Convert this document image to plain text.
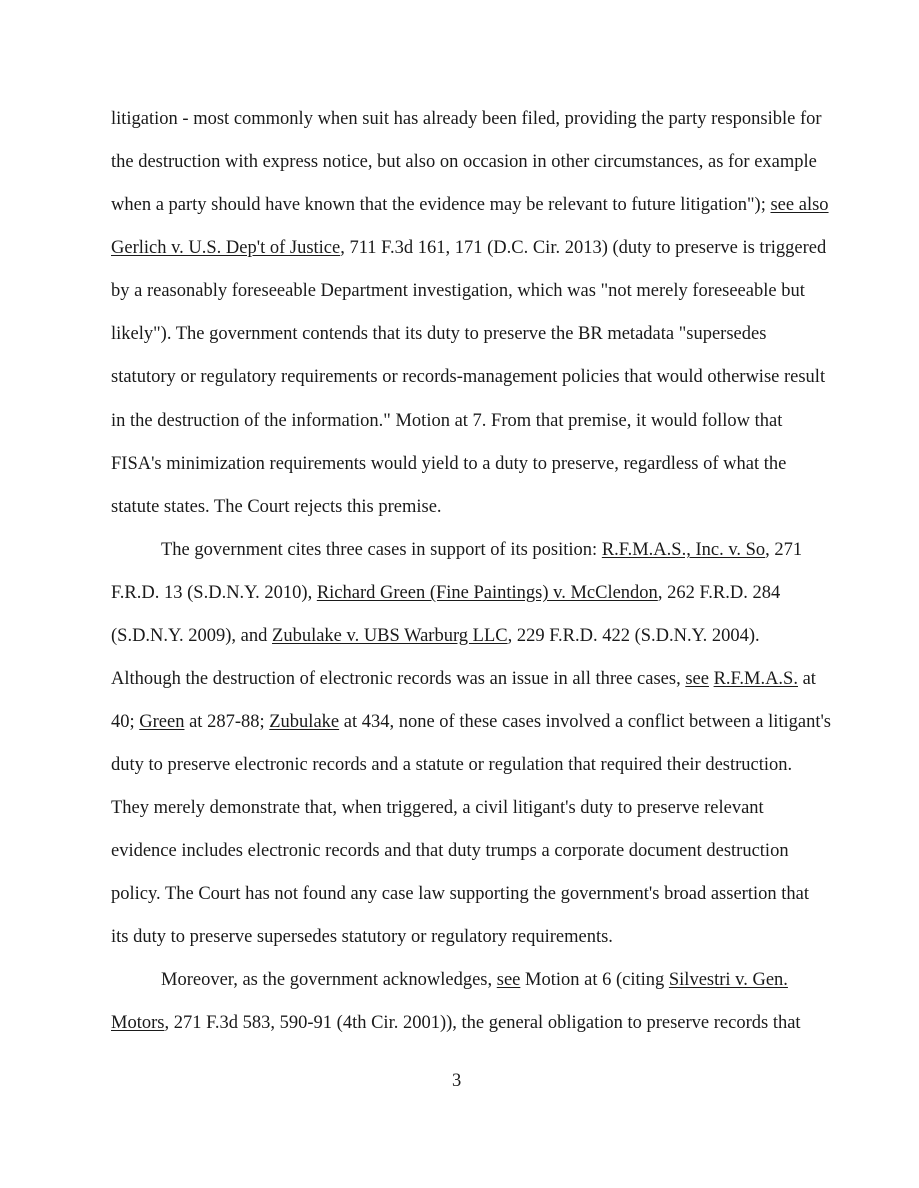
litigation - most commonly when suit has already been filed, providing the party responsible for
the destruction with express notice, but also on occasion in other circumstances, as for example
when a party should have known that the evidence may be relevant to future litigation"); see also
Gerlich v. U.S. Dep't of Justice, 711 F.3d 161, 171 (D.C. Cir. 2013) (duty to preserve is triggered
by a reasonably foreseeable Department investigation, which was "not merely foreseeable but
likely"). The government contends that its duty to preserve the BR metadata "supersedes
statutory or regulatory requirements or records-management policies that would otherwise result
in the destruction of the information." Motion at 7. From that premise, it would follow that
FISA's minimization requirements would yield to a duty to preserve, regardless of what the
statute states. The Court rejects this premise.
The government cites three cases in support of its position: R.F.M.A.S., Inc. v. So, 271
F.R.D. 13 (S.D.N.Y. 2010), Richard Green (Fine Paintings) v. McClendon, 262 F.R.D. 284
(S.D.N.Y. 2009), and Zubulake v. UBS Warburg LLC, 229 F.R.D. 422 (S.D.N.Y. 2004).
Although the destruction of electronic records was an issue in all three cases, see R.F.M.A.S. at
40; Green at 287-88; Zubulake at 434, none of these cases involved a conflict between a litigant's
duty to preserve electronic records and a statute or regulation that required their destruction.
They merely demonstrate that, when triggered, a civil litigant's duty to preserve relevant
evidence includes electronic records and that duty trumps a corporate document destruction
policy. The Court has not found any case law supporting the government's broad assertion that
its duty to preserve supersedes statutory or regulatory requirements.
Moreover, as the government acknowledges, see Motion at 6 (citing Silvestri v. Gen.
Motors, 271 F.3d 583, 590-91 (4th Cir. 2001)), the general obligation to preserve records that
3
